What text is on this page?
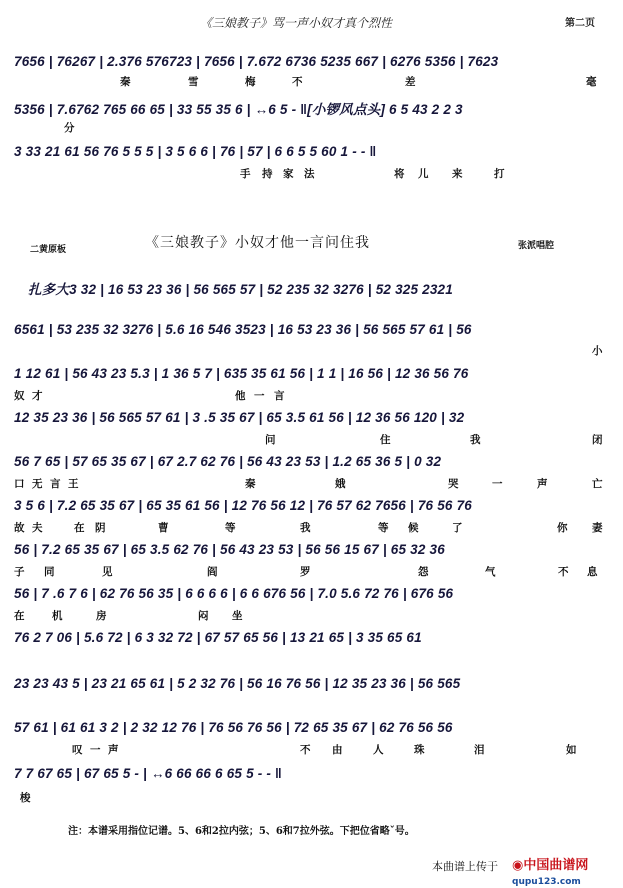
《三娘教子》骂一声小奴才真个烈性	第二页
7656 | 76267 | 2.376 576723 | 7656 | 7.672 6736 5235 667 | 6276 5356 | 7623
秦	雪	梅	不	差	毫
5356 | 7.6762 765 66 65 | 33 55 35 6 | ↔6 5 - ‖[小锣风点头] 6 5 43 2 2 3
分
3 33 21 61 56 76 5 5 5 | 3 5 6 6 | 76 | 57 | 6 6 5 5 60 1 - - ‖
手 持 家 法	将 儿 来	打
二黄原板	《三娘教子》小奴才他一言问住我	张派唱腔
扎多大3 32 | 16 53 23 36 | 56 565 57 | 52 235 32 3276 | 52 325 2321
6561 | 53 235 32 3276 | 5.6 16 546 3523 | 16 53 23 36 | 56 565 57 61 | 56
小
1 12 61 | 56 43 23 5.3 | 1 36 5 7 | 635 35 61 56 | 1 1 | 16 56 | 12 36 56 76
奴 才	他 一 言
12 35 23 36 | 56 565 57 61 | 3 .5 35 67 | 65 3.5 61 56 | 12 36 56 120 | 32
问	住	我	闭
56 7 65 | 57 65 35 67 | 67 2.7 62 76 | 56 43 23 53 | 1.2 65 36 5 | 0 32
口 无 言 王	秦	娥	哭	一	声	亡
3 5 6 | 7.2 65 35 67 | 65 35 61 56 | 12 76 56 12 | 76 57 62 7656 | 76 56 76
故 夫	在 阴	曹	等	我	等 候	了	你 妻
56 | 7.2 65 35 67 | 65 3.5 62 76 | 56 43 23 53 | 56 56 15 67 | 65 32 36
子 同	见	阎	罗	怨	气	不 息
56 | 7 .6 7 6 | 62 76 56 35 | 6 6 6 6 | 6 6 676 56 | 7.0 5.6 72 76 | 676 56
在	机	房	闷 坐
76 2 7 06 | 5.6 72 | 6 3 32 72 | 67 57 65 56 | 13 21 65 | 3 35 65 61
23 23 43 5 | 23 21 65 61 | 5 2 32 76 | 56 16 76 56 | 12 35 23 36 | 56 565
57 61 | 61 61 3 2 | 2 32 12 76 | 76 56 76 56 | 72 65 35 67 | 62 76 56 56
叹 一 声	不 由	人	珠	泪	如
7 7 67 65 | 67 65 5 - | ↔6 66 66 6 65 5 - - ‖
梭
注：本谱采用指位记谱。5、6和2拉内弦；5、6和7拉外弦。下把位省略ˇ号。
本曲谱上传于 ◉中国曲谱网
qupu123.com
